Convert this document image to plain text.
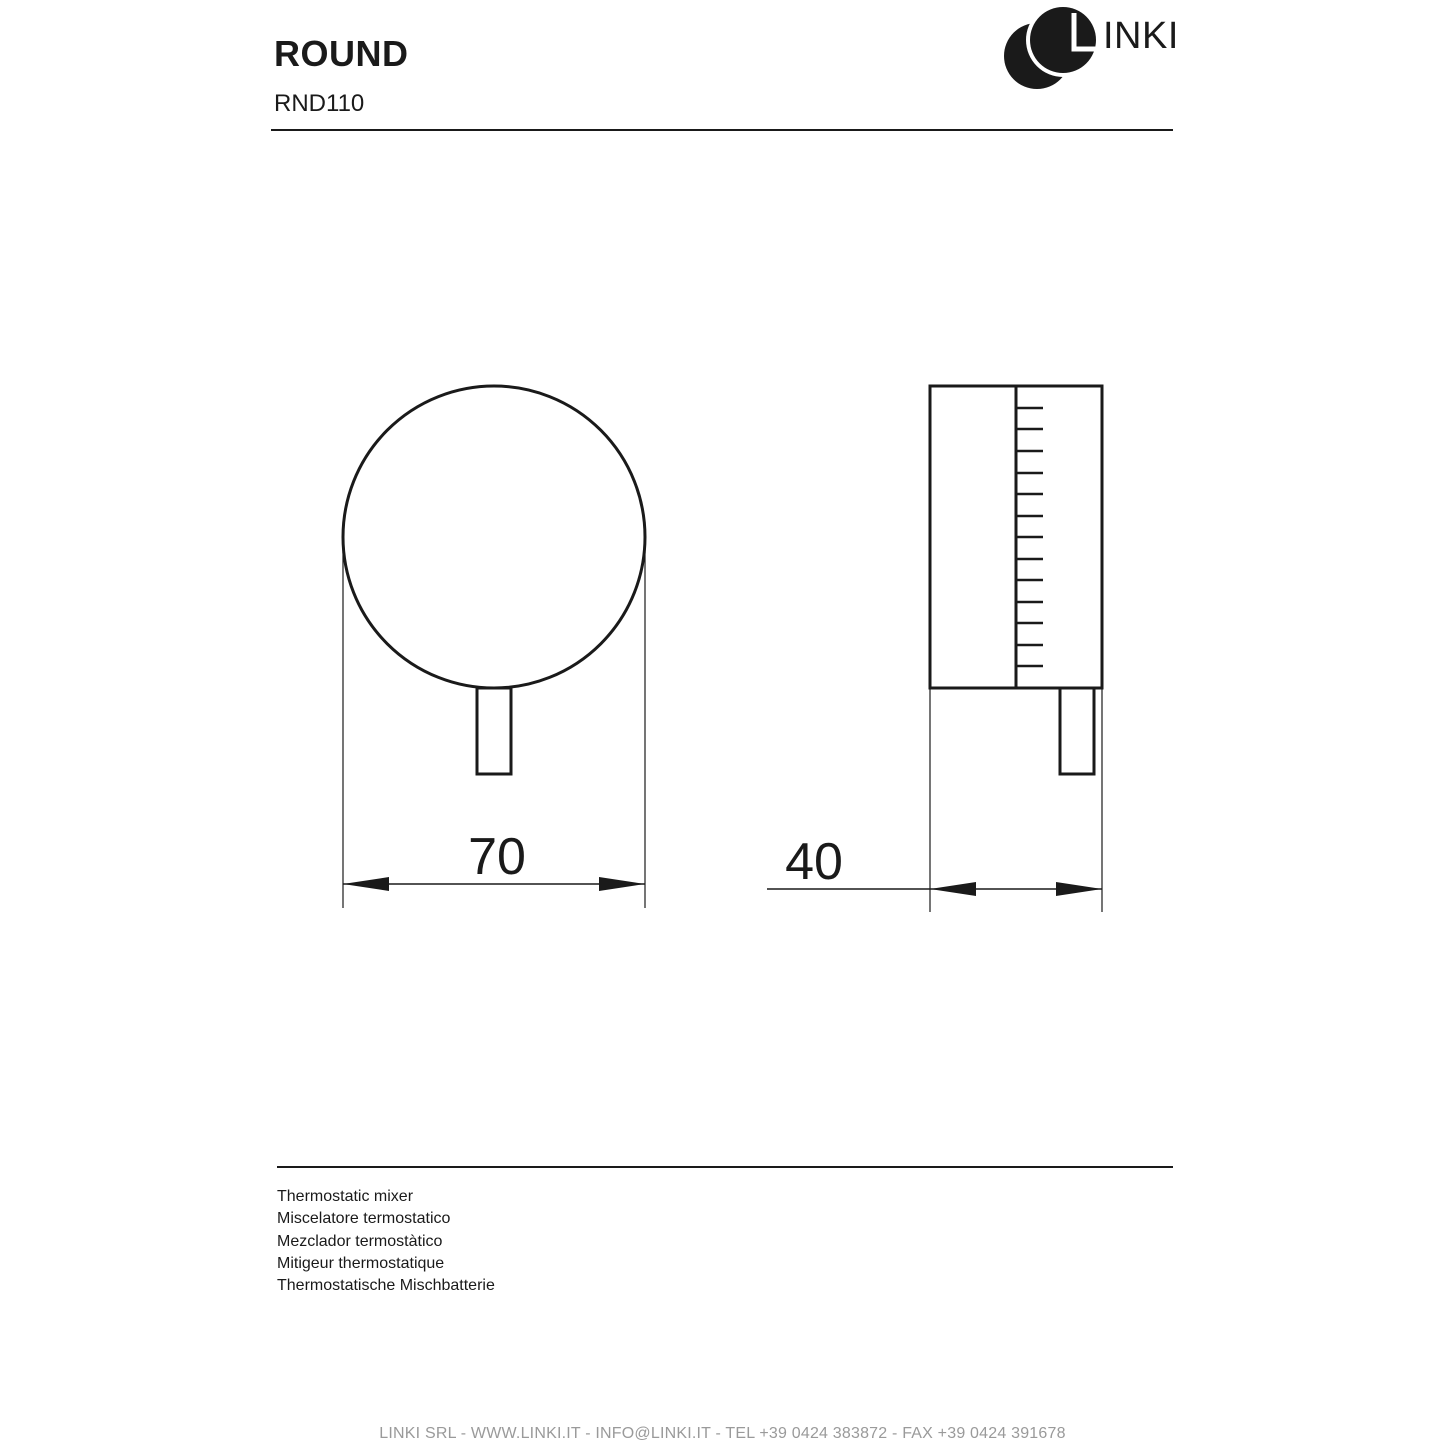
ROUND
RND110
INKI
70	40
Thermostatic mixer
Miscelatore termostatico
Mezclador termostàtico
Mitigeur thermostatique
Thermostatische Mischbatterie
LINKI SRL - WWW.LINKI.IT - INFO@LINKI.IT - TEL +39 0424 383872 - FAX +39 0424 391678
